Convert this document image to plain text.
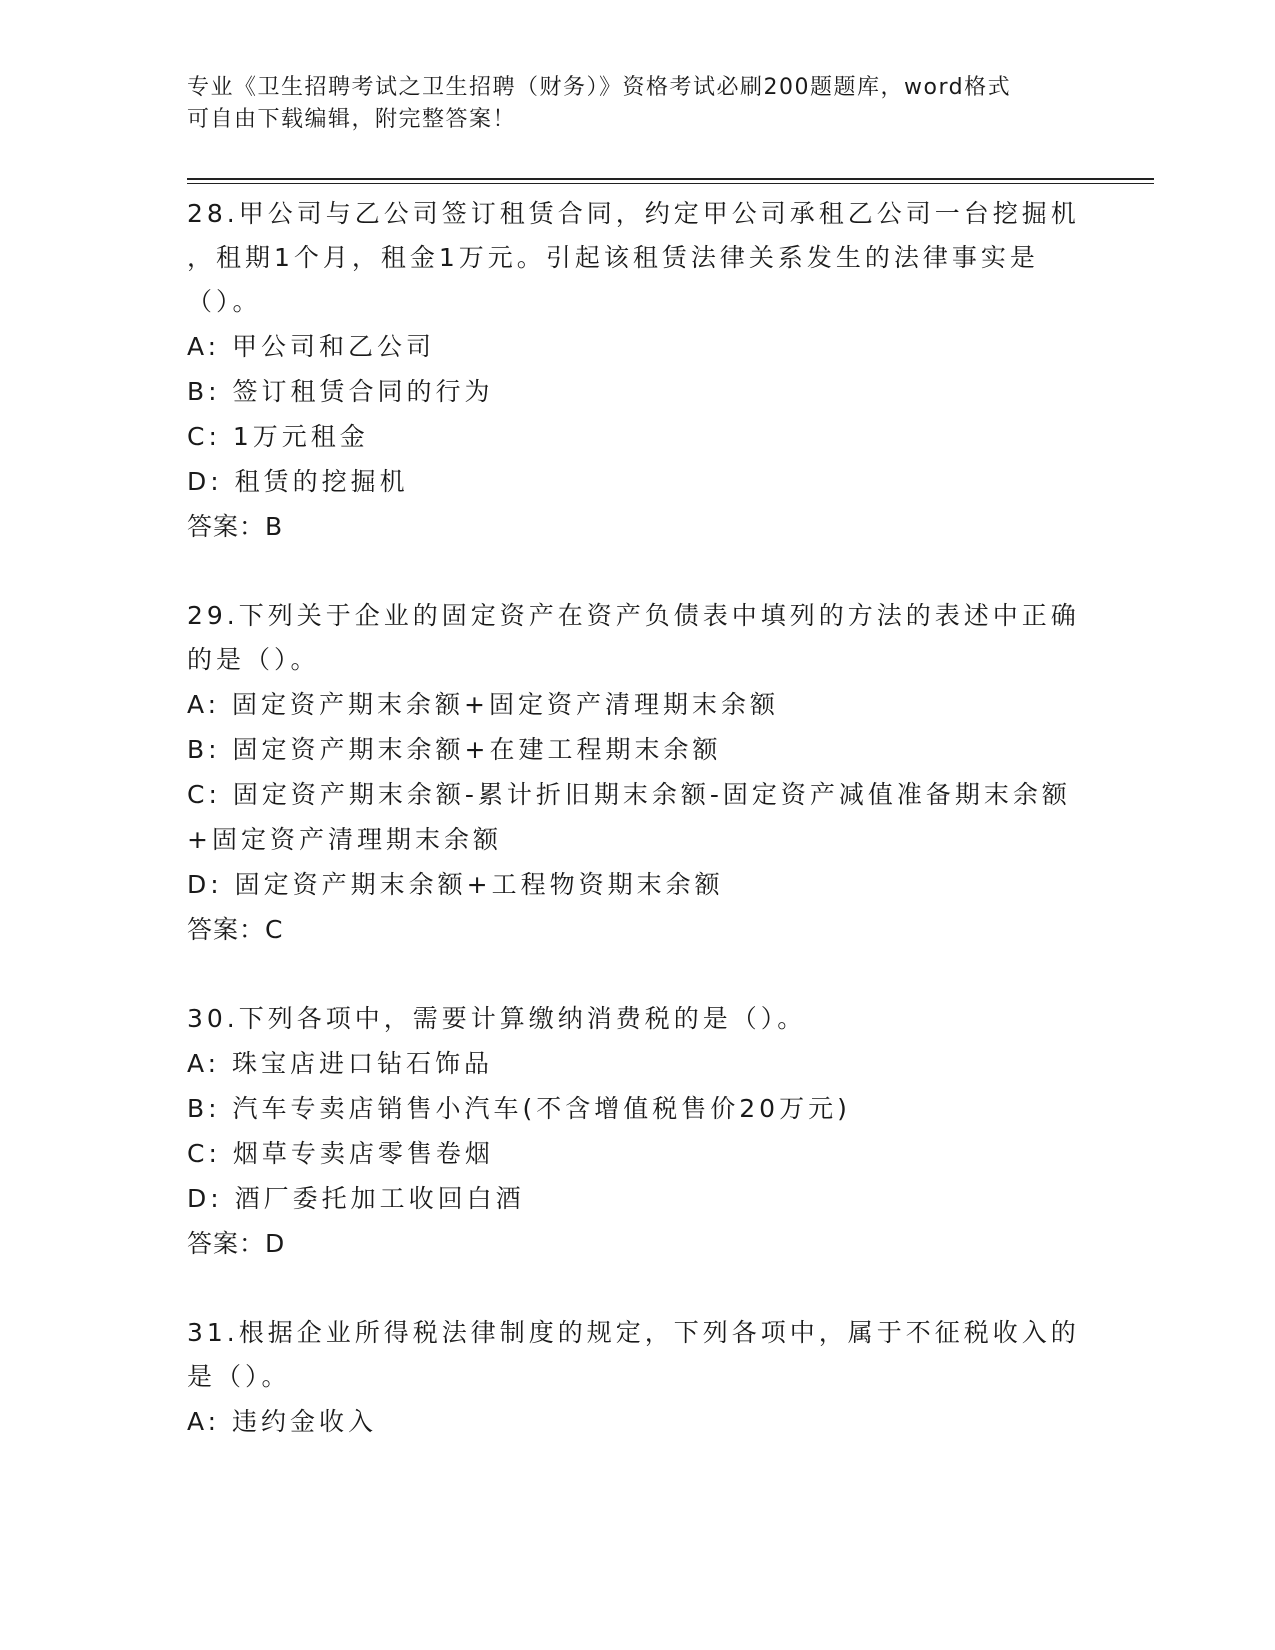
专业《卫生招聘考试之卫生招聘（财务）》资格考试必刷200题题库，word格式
可自由下载编辑，附完整答案！
28.甲公司与乙公司签订租赁合同，约定甲公司承租乙公司一台挖掘机
，租期1个月，租金1万元。引起该租赁法律关系发生的法律事实是
（）。
A: 甲公司和乙公司
B: 签订租赁合同的行为
C: 1万元租金
D: 租赁的挖掘机
答案：B
29.下列关于企业的固定资产在资产负债表中填列的方法的表述中正确
的是（）。
A: 固定资产期末余额+固定资产清理期末余额
B: 固定资产期末余额+在建工程期末余额
C: 固定资产期末余额-累计折旧期末余额-固定资产减值准备期末余额
+固定资产清理期末余额
D: 固定资产期末余额+工程物资期末余额
答案：C
30.下列各项中，需要计算缴纳消费税的是（）。
A: 珠宝店进口钻石饰品
B: 汽车专卖店销售小汽车(不含增值税售价20万元)
C: 烟草专卖店零售卷烟
D: 酒厂委托加工收回白酒
答案：D
31.根据企业所得税法律制度的规定，下列各项中，属于不征税收入的
是（）。
A: 违约金收入
